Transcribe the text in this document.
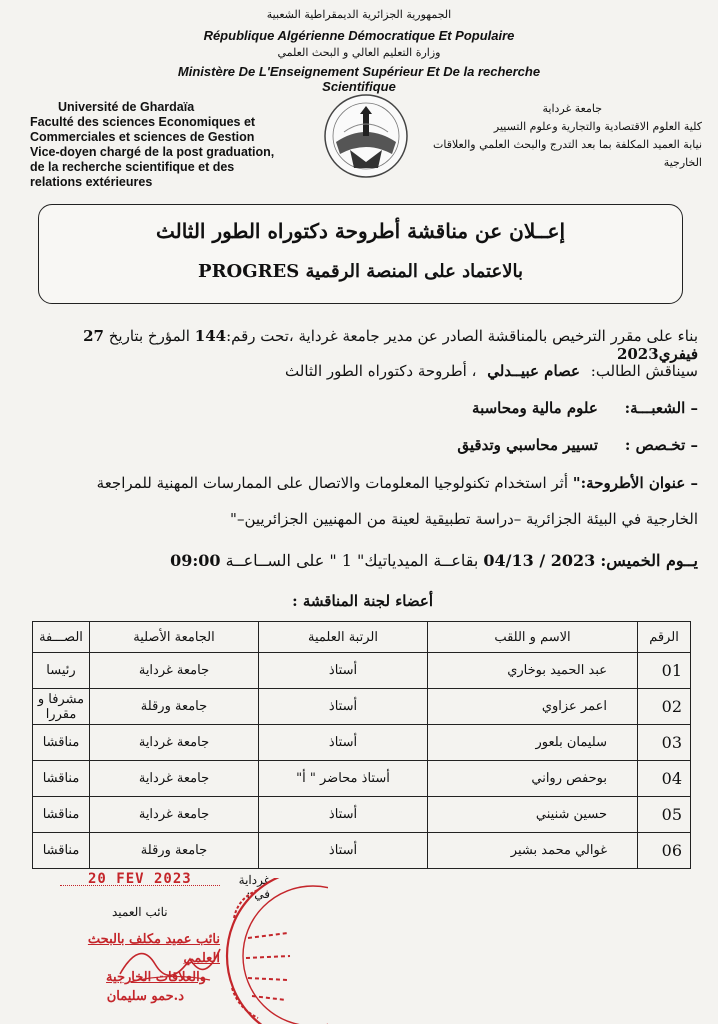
الجمهورية الجزائرية الديمقراطية الشعبية
République Algérienne Démocratique Et Populaire
وزارة التعليم العالي و البحث العلمي
Ministère De L'Enseignement Supérieur Et De la recherche
Scientifique
Université de Ghardaïa
Faculté des sciences Economiques et
Commerciales et sciences de Gestion
Vice-doyen chargé de la post graduation,
de la recherche scientifique et des
relations extérieures
جامعة غرداية
كلية العلوم الاقتصادية والتجارية وعلوم التسيير
نيابة العميد المكلفة بما بعد التدرج والبحث العلمي والعلاقات
الخارجية
إعــلان عن مناقشة أطروحة دكتوراه الطور الثالث
بالاعتماد على المنصة الرقمية PROGRES
بناء على مقرر الترخيص بالمناقشة الصادر عن مدير جامعة غرداية ،تحت رقم:144 المؤرخ بتاريخ 27 فيفري2023
سيناقش الطالب: عصام عبيــدلي ، أطروحة دكتوراه الطور الثالث
– الشعبـــة: علوم مالية ومحاسبة
– تخـصص : تسيير محاسبي وتدقيق
– عنوان الأطروحة:" أثر استخدام تكنولوجيا المعلومات والاتصال على الممارسات المهنية للمراجعة
الخارجية في البيئة الجزائرية –دراسة تطبيقية لعينة من المهنيين الجزائريين–"
يــوم الخميس: 2023 / 04/13 بقاعــة الميدياتيك" 1 " على الســاعــة 09:00
أعضاء لجنة المناقشة :
الرقم	الاسم و اللقب	الرتبة العلمية	الجامعة الأصلية	الصـــفة
01	عبد الحميد بوخاري	أستاذ	جامعة غرداية	رئيسا
02	اعمر عزاوي	أستاذ	جامعة ورقلة	مشرفا و مقررا
03	سليمان بلعور	أستاذ	جامعة غرداية	مناقشا
04	بوحفص رواني	أستاذ محاضر " أ"	جامعة غرداية	مناقشا
05	حسين شنيني	أستاذ	جامعة غرداية	مناقشا
06	غوالي محمد بشير	أستاذ	جامعة ورقلة	مناقشا
20 FEV 2023	غرداية في :
نائب العميد
نائب عميد مكلف بالبحث العلمي
والعلاقات الخارجية
د.حمو سليمان
